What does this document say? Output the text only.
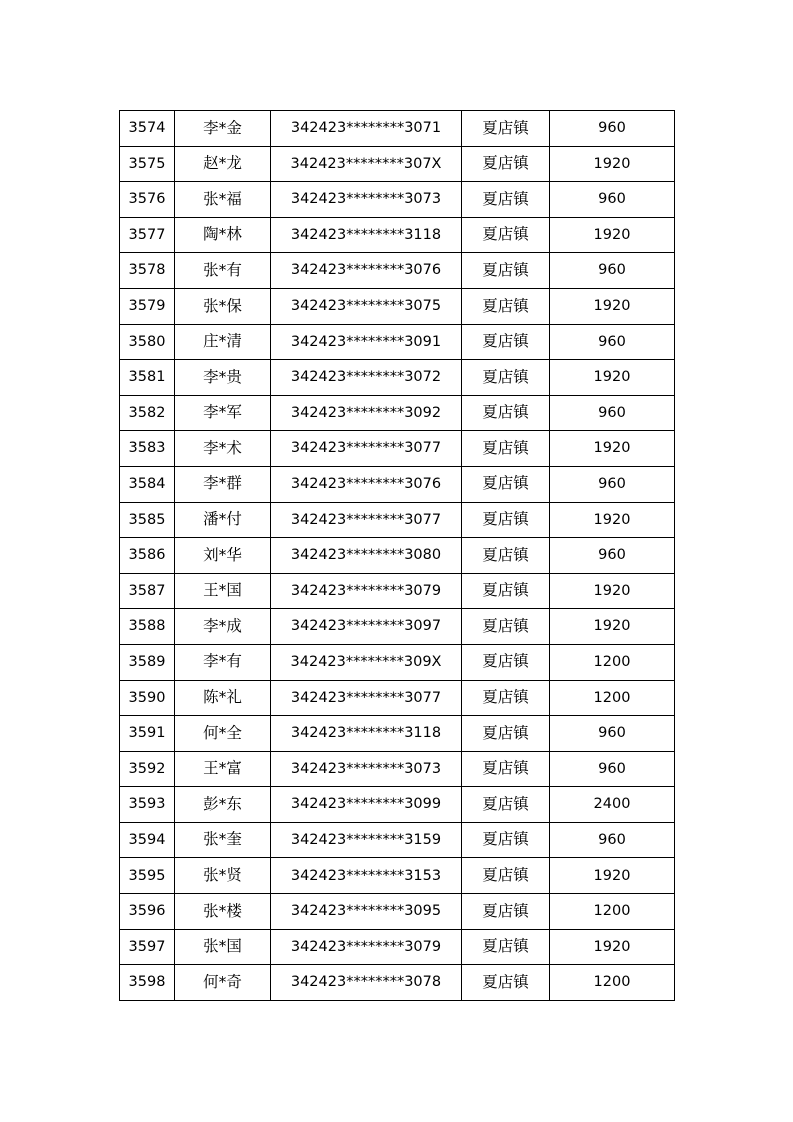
3574	李*金	342423********3071	夏店镇	960
3575	赵*龙	342423********307X	夏店镇	1920
3576	张*福	342423********3073	夏店镇	960
3577	陶*林	342423********3118	夏店镇	1920
3578	张*有	342423********3076	夏店镇	960
3579	张*保	342423********3075	夏店镇	1920
3580	庄*清	342423********3091	夏店镇	960
3581	李*贵	342423********3072	夏店镇	1920
3582	李*军	342423********3092	夏店镇	960
3583	李*术	342423********3077	夏店镇	1920
3584	李*群	342423********3076	夏店镇	960
3585	潘*付	342423********3077	夏店镇	1920
3586	刘*华	342423********3080	夏店镇	960
3587	王*国	342423********3079	夏店镇	1920
3588	李*成	342423********3097	夏店镇	1920
3589	李*有	342423********309X	夏店镇	1200
3590	陈*礼	342423********3077	夏店镇	1200
3591	何*全	342423********3118	夏店镇	960
3592	王*富	342423********3073	夏店镇	960
3593	彭*东	342423********3099	夏店镇	2400
3594	张*奎	342423********3159	夏店镇	960
3595	张*贤	342423********3153	夏店镇	1920
3596	张*楼	342423********3095	夏店镇	1200
3597	张*国	342423********3079	夏店镇	1920
3598	何*奇	342423********3078	夏店镇	1200
